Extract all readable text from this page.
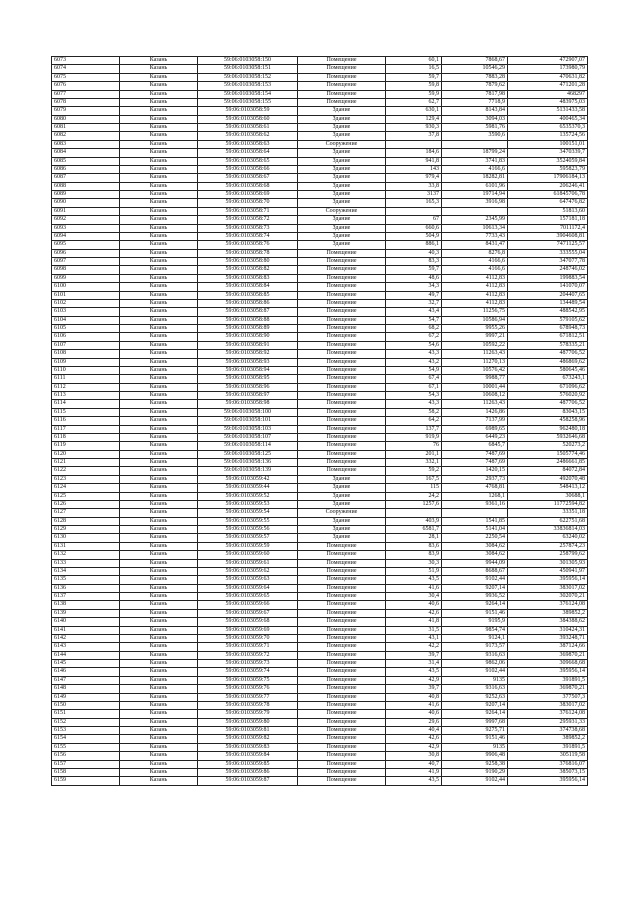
6073	Казань	59:06:0103058:150	Помещение	60,1	7868,67	472907,07
6074	Казань	59:06:0103058:151	Помещение	16,5	10546,29	173980,79
6075	Казань	59:06:0103058:152	Помещение	59,7	7883,28	470631,82
6076	Казань	59:06:0103058:153	Помещение	59,8	7879,62	471201,28
6077	Казань	59:06:0103058:154	Помещение	59,9	7817,98	468297
6078	Казань	59:06:0103058:155	Помещение	62,7	7718,9	483975,03
6079	Казань	59:06:0103058:59	Здание	630,1	8143,84	5131433,58
6080	Казань	59:06:0103058:60	Здание	129,4	3094,03	400465,34
6081	Казань	59:06:0103058:61	Здание	930,3	5981,76	6535370,3
6082	Казань	59:06:0103058:62	Здание	37,8	3590,6	135724,56
6083	Казань	59:06:0103058:63	Сооружение			100151,01
6084	Казань	59:06:0103058:64	Здание	184,6	18799,24	3470339,7
6085	Казань	59:06:0103058:65	Здание	941,8	3741,83	3524059,84
6086	Казань	59:06:0103058:66	Здание	143	4166,6	595823,79
6087	Казань	59:06:0103058:67	Здание	979,4	18282,81	17906184,13
6088	Казань	59:06:0103058:68	Здание	33,8	6101,96	206246,41
6089	Казань	59:06:0103058:69	Здание	3137	19714,94	61845706,78
6090	Казань	59:06:0103058:70	Здание	165,3	3916,98	647476,82
6091	Казань	59:06:0103058:71	Сооружение			51813,60
6092	Казань	59:06:0103058:72	Здание	67	2345,99	157181,18
6093	Казань	59:06:0103058:73	Здание	660,6	10613,34	7011172,4
6094	Казань	59:06:0103058:74	Здание	504,9	7733,43	3904608,81
6095	Казань	59:06:0103058:76	Здание	886,1	8431,47	7471125,57
6096	Казань	59:06:0103058:78	Помещение	40,3	8276,8	333555,04
6097	Казань	59:06:0103058:80	Помещение	83,3	4166,6	347077,78
6098	Казань	59:06:0103058:82	Помещение	59,7	4166,6	248746,02
6099	Казань	59:06:0103058:83	Помещение	48,6	4112,83	199883,54
6100	Казань	59:06:0103058:84	Помещение	34,3	4112,83	141070,07
6101	Казань	59:06:0103058:85	Помещение	49,7	4112,83	204407,65
6102	Казань	59:06:0103058:86	Помещение	32,7	4112,83	134489,54
6103	Казань	59:06:0103058:87	Помещение	43,4	11256,75	488542,95
6104	Казань	59:06:0103058:88	Помещение	54,7	10586,94	579105,62
6105	Казань	59:06:0103058:89	Помещение	68,2	9955,26	678948,73
6106	Казань	59:06:0103058:90	Помещение	67,2	9997,21	671812,51
6107	Казань	59:06:0103058:91	Помещение	54,6	10592,22	578335,21
6108	Казань	59:06:0103058:92	Помещение	43,3	11263,43	487706,52
6109	Казань	59:06:0103058:93	Помещение	43,2	11270,13	486869,62
6110	Казань	59:06:0103058:94	Помещение	54,9	10576,42	580645,46
6111	Казань	59:06:0103058:95	Помещение	67,4	9988,77	673243,1
6112	Казань	59:06:0103058:96	Помещение	67,1	10001,44	671096,62
6113	Казань	59:06:0103058:97	Помещение	54,3	10608,12	576020,92
6114	Казань	59:06:0103058:98	Помещение	43,3	11263,43	487706,52
6115	Казань	59:06:0103058:100	Помещение	58,2	1426,86	83043,15
6116	Казань	59:06:0103058:101	Помещение	64,2	7137,99	458258,96
6117	Казань	59:06:0103058:103	Помещение	137,7	6989,65	962480,18
6118	Казань	59:06:0103058:107	Помещение	919,9	6449,23	5932646,68
6119	Казань	59:06:0103058:114	Помещение	76	6845,7	520273,2
6120	Казань	59:06:0103058:125	Помещение	201,1	7487,69	1505774,46
6121	Казань	59:06:0103058:136	Помещение	332,1	7487,69	2486661,85
6122	Казань	59:06:0103058:139	Помещение	59,2	1420,15	84072,84
6123	Казань	59:06:0103059:42	Здание	167,5	2937,73	492070,48
6124	Казань	59:06:0103059:44	Здание	115	4768,81	548413,12
6125	Казань	59:06:0103059:52	Здание	24,2	1268,1	30688,1
6126	Казань	59:06:0103059:53	Здание	1257,6	9361,16	11772594,82
6127	Казань	59:06:0103059:54	Сооружение			33351,18
6128	Казань	59:06:0103059:55	Здание	403,9	1541,85	622751,68
6129	Казань	59:06:0103059:56	Здание	6581,7	5141,04	33836814,03
6130	Казань	59:06:0103059:57	Здание	28,1	2250,54	63240,02
6131	Казань	59:06:0103059:59	Помещение	83,6	3084,62	257874,23
6132	Казань	59:06:0103059:60	Помещение	83,9	3084,62	258799,62
6133	Казань	59:06:0103059:61	Помещение	30,3	9944,09	301305,93
6134	Казань	59:06:0103059:62	Помещение	51,9	8688,67	450941,97
6135	Казань	59:06:0103059:63	Помещение	43,5	9102,44	395956,14
6136	Казань	59:06:0103059:64	Помещение	41,6	9207,14	383017,02
6137	Казань	59:06:0103059:65	Помещение	30,4	9936,52	302070,21
6138	Казань	59:06:0103059:66	Помещение	40,6	9264,14	376124,08
6139	Казань	59:06:0103059:67	Помещение	42,6	9151,46	389852,2
6140	Казань	59:06:0103059:68	Помещение	41,8	9195,9	384388,62
6141	Казань	59:06:0103059:69	Помещение	31,5	9854,74	310424,31
6142	Казань	59:06:0103059:70	Помещение	43,1	9124,1	393248,71
6143	Казань	59:06:0103059:71	Помещение	42,2	9173,57	387124,66
6144	Казань	59:06:0103059:72	Помещение	39,7	9316,63	369870,21
6145	Казань	59:06:0103059:73	Помещение	31,4	9862,06	309668,68
6146	Казань	59:06:0103059:74	Помещение	43,5	9102,44	395956,14
6147	Казань	59:06:0103059:75	Помещение	42,9	9135	391891,5
6148	Казань	59:06:0103059:76	Помещение	39,7	9316,63	369870,21
6149	Казань	59:06:0103059:77	Помещение	40,8	9252,63	377507,3
6150	Казань	59:06:0103059:78	Помещение	41,6	9207,14	383017,02
6151	Казань	59:06:0103059:79	Помещение	40,6	9264,14	376124,08
6152	Казань	59:06:0103059:80	Помещение	29,6	9997,68	295931,33
6153	Казань	59:06:0103059:81	Помещение	40,4	9275,71	374738,68
6154	Казань	59:06:0103059:82	Помещение	42,6	9151,46	389852,2
6155	Казань	59:06:0103059:83	Помещение	42,9	9135	391891,5
6156	Казань	59:06:0103059:84	Помещение	30,8	9906,48	305119,58
6157	Казань	59:06:0103059:85	Помещение	40,7	9258,38	376816,07
6158	Казань	59:06:0103059:86	Помещение	41,9	9190,29	385073,15
6159	Казань	59:06:0103059:87	Помещение	43,5	9102,44	395956,14
